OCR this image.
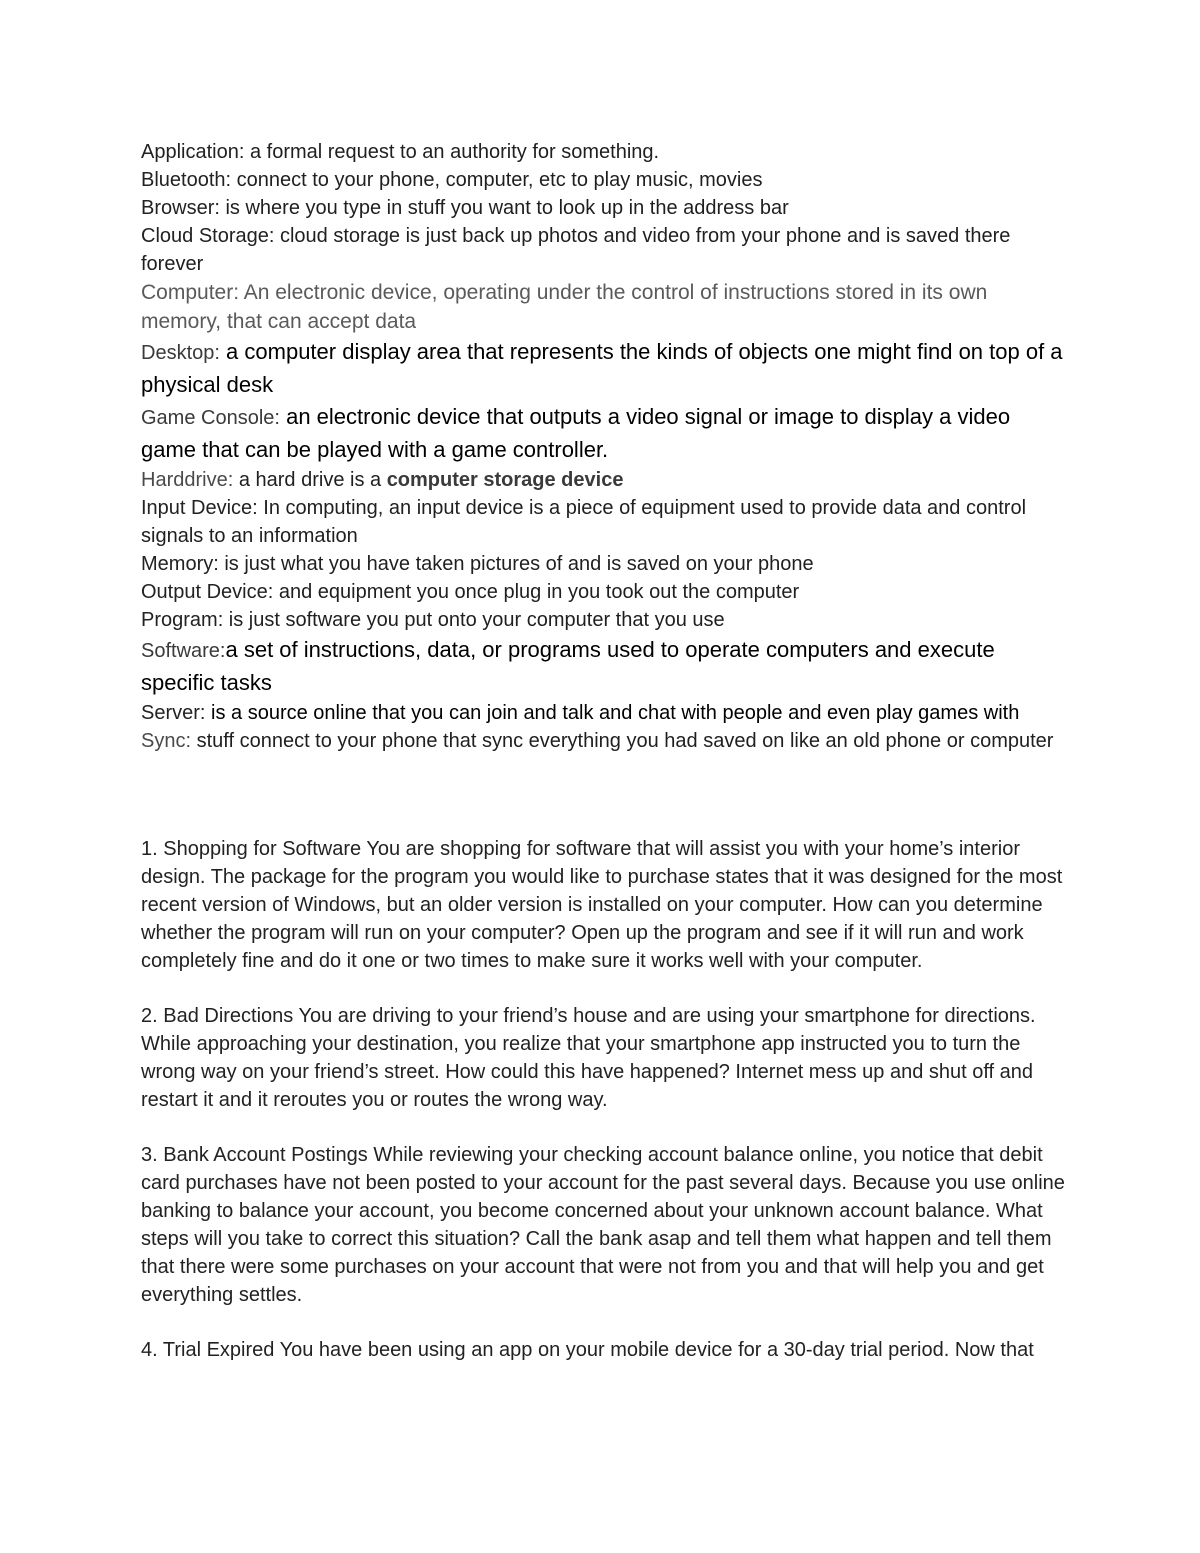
Application: a formal request to an authority for something.

Bluetooth: connect to your phone, computer, etc to play music, movies

Browser: is where you type in stuff you want to look up in the address bar

Cloud Storage: cloud storage is just back up photos and video from your phone and is saved there forever

Computer: An electronic device, operating under the control of instructions stored in its own memory, that can accept data

Desktop: a computer display area that represents the kinds of objects one might find on top of a physical desk

Game Console: an electronic device that outputs a video signal or image to display a video game that can be played with a game controller.

Harddrive: a hard drive is a computer storage device

Input Device: In computing, an input device is a piece of equipment used to provide data and control signals to an information

Memory: is just what you have taken pictures of and is saved on your phone

Output Device: and equipment you once plug in you took out the computer

Program: is just software you put onto your computer that you use

Software:a set of instructions, data, or programs used to operate computers and execute specific tasks

Server: is a source online that you can join and talk and chat with people and even play games with

Sync: stuff connect to your phone that sync everything you had saved on like an old phone or computer

1. Shopping for Software You are shopping for software that will assist you with your home’s interior design. The package for the program you would like to purchase states that it was designed for the most recent version of Windows, but an older version is installed on your computer. How can you determine whether the program will run on your computer? Open up the program and see if it will run and work completely fine and do it one or two times to make sure it works well with your computer.

2. Bad Directions You are driving to your friend’s house and are using your smartphone for directions. While approaching your destination, you realize that your smartphone app instructed you to turn the wrong way on your friend’s street. How could this have happened? Internet mess up and shut off and restart it and it reroutes you or routes the wrong way.

3. Bank Account Postings While reviewing your checking account balance online, you notice that debit card purchases have not been posted to your account for the past several days. Because you use online banking to balance your account, you become concerned about your unknown account balance. What steps will you take to correct this situation? Call the bank asap and tell them what happen and tell them that there were some purchases on your account that were not from you and that will help you and get everything settles.

4. Trial Expired You have been using an app on your mobile device for a 30-day trial period. Now that
